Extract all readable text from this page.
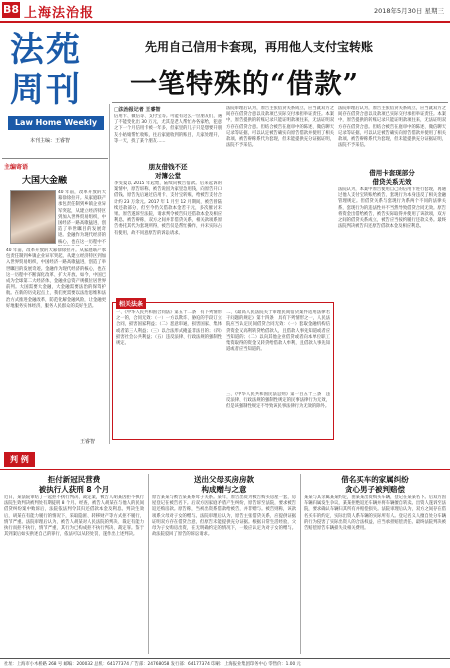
B8 上海法治报	2018年5月30日 星期三
法苑
周刊
Law Home Weekly
本刊主编：王睿智
先用自己信用卡套现，再用他人支付宝转账
一笔特殊的“借款”
主编寄语
大国大金融
40 年前，改革开放的大幕徐徐拉开。从家庭联产承包责任制到乡镇企业异军突起，从建立经济特区到加入世界贸易组织，中国经济一路高歌猛进，创造了举世瞩目的发展奇迹。金融作为现代经济的核心，也在这一历程中不
40 年前，改革开放的大幕徐徐拉开。从家庭联产承包责任制到乡镇企业异军突起，从建立经济特区到加入世界贸易组织，中国经济一路高歌猛进，创造了举世瞩目的发展奇迹。金融作为现代经济的核心，也在这一历程中不断深化改革、扩大开放。如今，中国已成为全球第二大经济体，金融业总资产规模位居世界前列。大国需要大金融，大金融需要法治的保驾护航。在新的历史起点上，我们更需要以法治思维和法治方式推进金融改革，防范化解金融风险，让金融更好地服务实体经济，服务人民群众的美好生活。
王睿智
□法治报记者 王睿智
信用卡、微信等、支付宝等。可能有这么一位朋友们，遇了不能变化出 30 万元，尤其是老人帮忙办各家给，犯意之下一个月信用卡被一年多，但家里的儿子只是想要开朋友小姑娘帮忙收账，往后家庭收到的账目，几家处理开，等一天，找了某个朋友……
朋友借钱不还
对簿公堂
李雯夏以 2015 年起始，陆续向被告借款。后来起诉的案情中，原告诉称，被告说因为家里急用钱，向原告开口借钱。原告先后通过信用卡、支付宝转账，给被告支付合计约 23 万余元。2017 年 1 月至 12 月期间，被告曾陆续还款部分，但至今仍欠借款本金若干元，多次催讨未果。原告遂诉至法院，请求判令被告归还借款本金及相应利息。被告辩称，双方之间并非借贷关系，相关款项系原告委托其代为套现所得，被告仅是帮忙操作，并未实际占有使用，故不同意原告的诉讼请求。
法院审理后认为，原告主张借贷关系成立，应当就双方之间存在借贷合意以及款项已实际交付承担举证责任。本案中，原告提供的转账记录只能证明款项往来，无法证明双方存在借贷合意。但结合被告在庭审中的陈述、微信聊天记录等证据，可以认定被告确实向原告借款并使用了相关款项。被告辩称系代为套现，但未能提供充分证据证明，法院不予采信。
法院审理后认为，原告主张借贷关系成立，应当就双方之间存在借贷合意以及款项已实际交付承担举证责任。本案中，原告提供的转账记录只能证明款项往来，无法证明双方存在借贷合意。但结合被告在庭审中的陈述、微信聊天记录等证据，可以认定被告确实向原告借款并使用了相关款项。被告辩称系代为套现，但未能提供充分证据证明，法院不予采信。
借用卡套现部分
借贷关系无效
法院认为，本案中原告使用自己的信用卡进行套现，再通过他人支付宝转账给被告，套现行为本身违反了相关金融管理规定。但借贷关系与套现行为系两个不同的法律关系，套现行为的违法性并不当然导致借贷合同无效。原告将资金出借给被告，被告实际取得并使用了该款项，双方之间的借贷关系成立，被告应当按约履行还款义务。最终法院判决被告归还原告借款本金及相应利息。
相关法条
一、《中华人民共和国合同法》第五十二条　有下列情形之一的，合同无效：（一）一方以欺诈、胁迫的手段订立合同，损害国家利益；（二）恶意串通，损害国家、集体或者第三人利益；（三）以合法形式掩盖非法目的；（四）损害社会公共利益；（五）违反法律、行政法规的强制性规定。
二、《最高人民法院关于审理民间借贷案件适用法律若干问题的规定》第十四条　具有下列情形之一，人民法院应当认定民间借贷合同无效：（一）套取金融机构信贷资金又高利转贷给借款人，且借款人事先知道或者应当知道的；（二）以向其他企业借贷或者向本单位职工集资取得的资金又转贷给借款人牟利，且借款人事先知道或者应当知道的。
三、《中华人民共和国民法总则》第一百五十三条　违反法律、行政法规的强制性规定的民事法律行为无效，但是该强制性规定不导致该民事法律行为无效的除外。
判 例
拒付新冠民营费
被执行人获刑 8 个月
近日，某法院审结了一起拒不执行判决、裁定案，被告人胡某因拒不执行法院生效判决被判处有期徒刑 8 个月。经查，被告人胡某在与他人的民间借贷纠纷案中败诉后，法院依法判令其归还借款本金及利息。判决生效后，胡某在有能力履行的情况下，采取隐匿、转移财产等方式拒不履行，情节严重。法院审理后认为，被告人胡某对人民法院的判决、裁定有能力执行而拒不执行，情节严重，其行为已构成拒不执行判决、裁定罪。鉴于其到案后如实供述自己的罪行，依法可以从轻处罚，遂作出上述判决。
送出父母买房房款
构成赠与之意
原告某某与被告某某系母子关系。某年，原告出资为被告购买房屋一套，房屋登记在被告名下。后双方因家庭矛盾产生纠纷，原告诉至法院，要求被告返还购房款。原告称，当初出资系借款给被告，并非赠与。被告则称，该款项系父母对子女的赠与。法院审理后认为，原告主张借贷关系，应提供证据证明双方存在借贷合意，但原告未能提供充分证据。根据日常生活经验，父母为子女购房出资，在无明确约定的情况下，一般应认定为对子女的赠与。故法院驳回了原告的诉讼请求。
借名买车的家属纠纷
贪心男子被判赔偿
某某与其亲属某某约定，由某某出资购买车辆，登记在某某名下。后双方因车辆归属发生争议，某某拒绝返还车辆并将车辆擅自转卖。出资人遂诉至法院，要求确认车辆归其所有并赔偿损失。法院审理后认为，双方之间存在借名买车的约定，实际出资人系车辆的实际所有人。登记名义人擅自处分车辆的行为侵害了实际出资人的合法权益，应当承担赔偿责任。最终法院判决被告赔偿原告车辆损失及相关费用。
社址：上海市小木桥路 268 号 邮编：200032 总机：64177374 广告部：24768058 发行部：64177374 印刷：上海报业集团印务中心 零售价：1.00 元
